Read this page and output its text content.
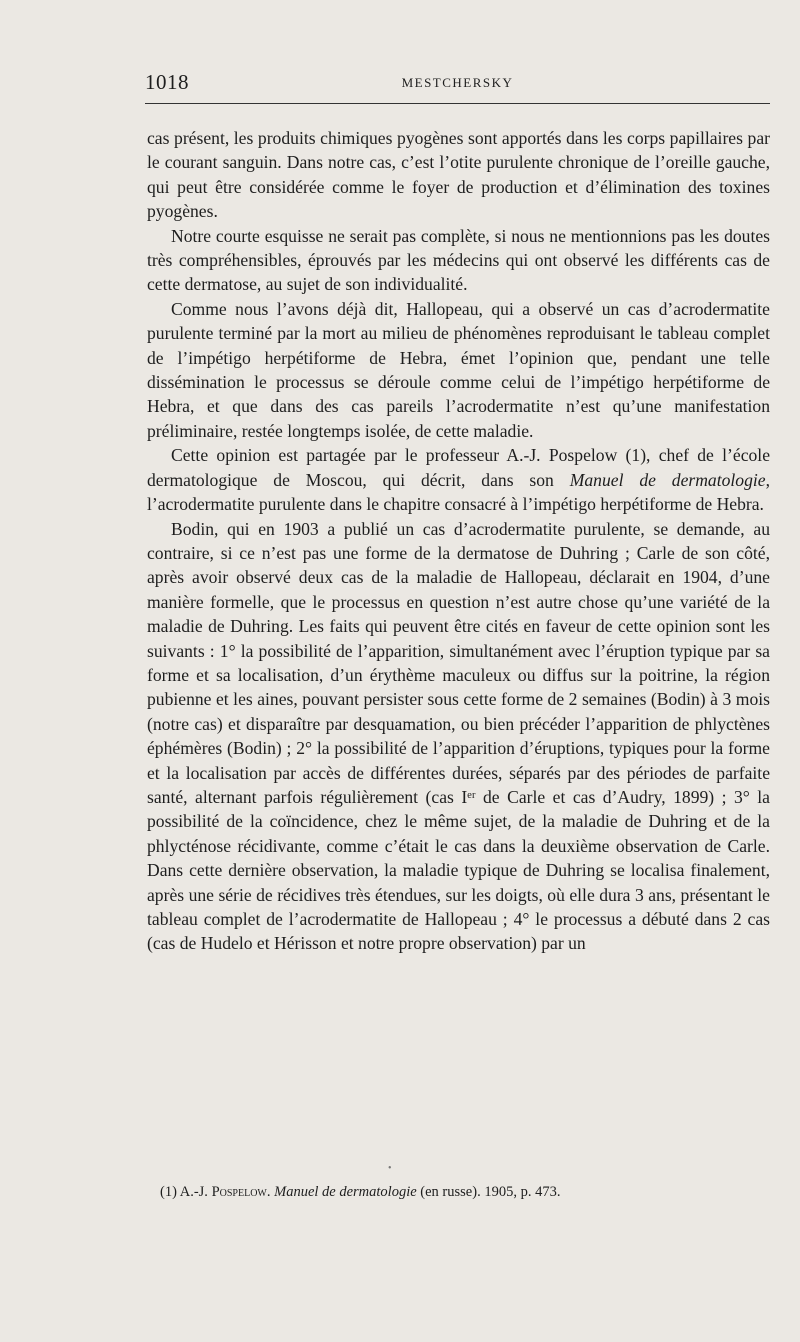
1018	MESTCHERSKY

cas présent, les produits chimiques pyogènes sont apportés dans les corps papillaires par le courant sanguin. Dans notre cas, c’est l’otite purulente chronique de l’oreille gauche, qui peut être considérée comme le foyer de production et d’élimination des toxines pyogènes.

Notre courte esquisse ne serait pas complète, si nous ne mentionnions pas les doutes très compréhensibles, éprouvés par les médecins qui ont observé les différents cas de cette dermatose, au sujet de son individualité.

Comme nous l’avons déjà dit, Hallopeau, qui a observé un cas d’acrodermatite purulente terminé par la mort au milieu de phénomènes reproduisant le tableau complet de l’impétigo herpétiforme de Hebra, émet l’opinion que, pendant une telle dissémination le processus se déroule comme celui de l’impétigo herpétiforme de Hebra, et que dans des cas pareils l’acrodermatite n’est qu’une manifestation préliminaire, restée longtemps isolée, de cette maladie.

Cette opinion est partagée par le professeur A.-J. Pospelow (1), chef de l’école dermatologique de Moscou, qui décrit, dans son Manuel de dermatologie, l’acrodermatite purulente dans le chapitre consacré à l’impétigo herpétiforme de Hebra.

Bodin, qui en 1903 a publié un cas d’acrodermatite purulente, se demande, au contraire, si ce n’est pas une forme de la dermatose de Duhring ; Carle de son côté, après avoir observé deux cas de la maladie de Hallopeau, déclarait en 1904, d’une manière formelle, que le processus en question n’est autre chose qu’une variété de la maladie de Duhring. Les faits qui peuvent être cités en faveur de cette opinion sont les suivants : 1° la possibilité de l’apparition, simultanément avec l’éruption typique par sa forme et sa localisation, d’un érythème maculeux ou diffus sur la poitrine, la région pubienne et les aines, pouvant persister sous cette forme de 2 semaines (Bodin) à 3 mois (notre cas) et disparaître par desquamation, ou bien précéder l’apparition de phlyctènes éphémères (Bodin) ; 2° la possibilité de l’apparition d’éruptions, typiques pour la forme et la localisation par accès de différentes durées, séparés par des périodes de parfaite santé, alternant parfois régulièrement (cas Iᵉʳ de Carle et cas d’Audry, 1899) ; 3° la possibilité de la coïncidence, chez le même sujet, de la maladie de Duhring et de la phlycténose récidivante, comme c’était le cas dans la deuxième observation de Carle. Dans cette dernière observation, la maladie typique de Duhring se localisa finalement, après une série de récidives très étendues, sur les doigts, où elle dura 3 ans, présentant le tableau complet de l’acrodermatite de Hallopeau ; 4° le processus a débuté dans 2 cas (cas de Hudelo et Hérisson et notre propre observation) par un

•
(1) A.-J. Pospelow. Manuel de dermatologie (en russe). 1905, p. 473.
